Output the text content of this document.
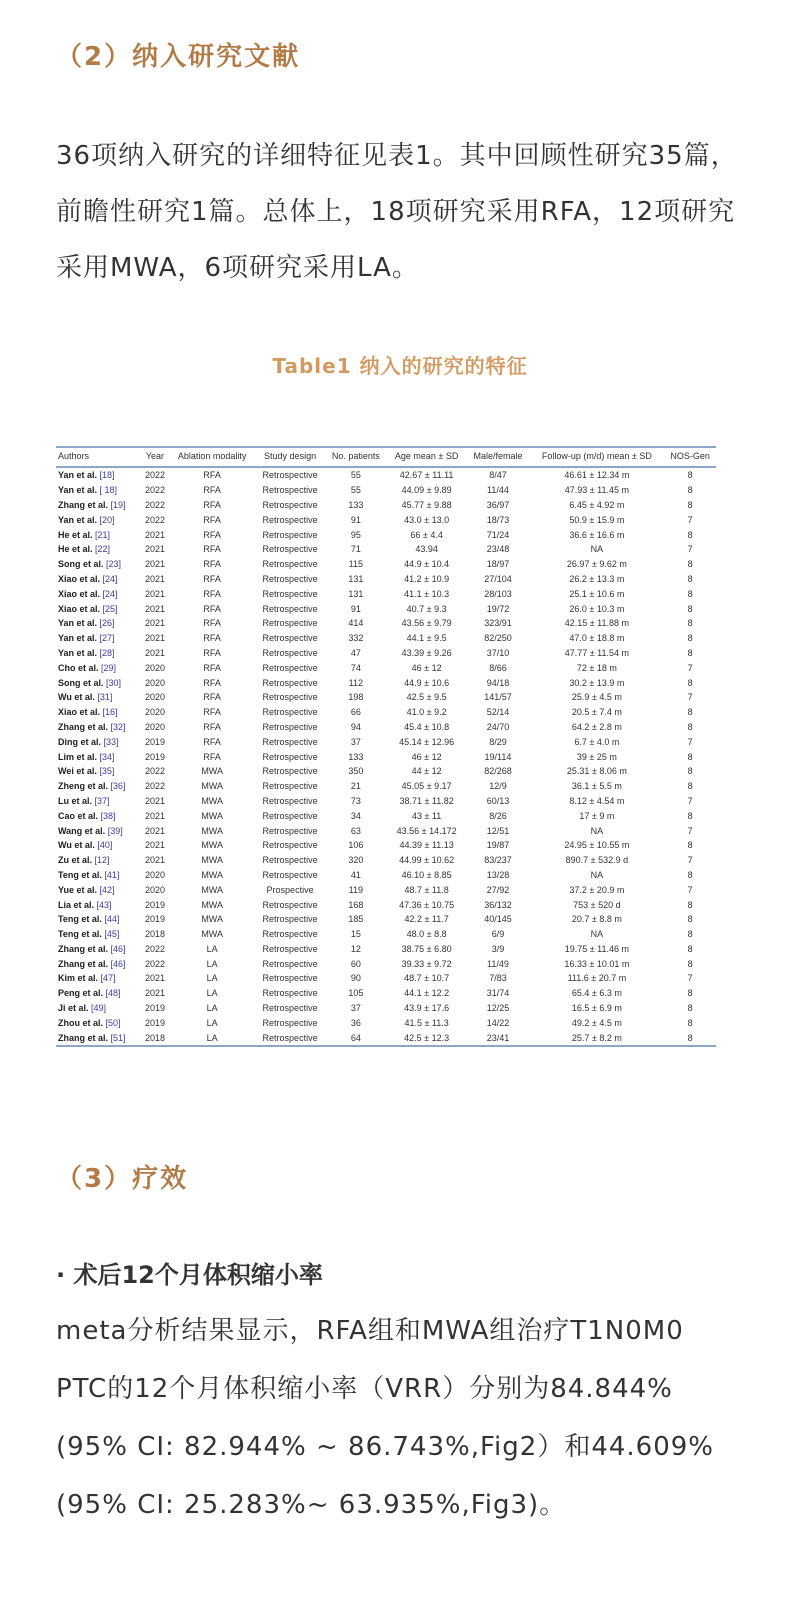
（2）纳入研究文献
36项纳入研究的详细特征见表1。其中回顾性研究35篇，前瞻性研究1篇。总体上，18项研究采用RFA，12项研究采用MWA，6项研究采用LA。
Table1 纳入的研究的特征
Authors	Year	Ablation modality	Study design	No. patients	Age mean ± SD	Male/female	Follow-up (m/d) mean ± SD	NOS-Gen
Yan et al. [18]	2022	RFA	Retrospective	55	42.67 ± 11.11	8/47	46.61 ± 12.34 m	8
Yan et al. [ 18]	2022	RFA	Retrospective	55	44.09 ± 9.89	11/44	47.93 ± 11.45 m	8
Zhang et al. [19]	2022	RFA	Retrospective	133	45.77 ± 9.88	36/97	6.45 ± 4.92 m	8
Yan et al. [20]	2022	RFA	Retrospective	91	43.0 ± 13.0	18/73	50.9 ± 15.9 m	7
He et al. [21]	2021	RFA	Retrospective	95	66 ± 4.4	71/24	36.6 ± 16.6 m	8
He et al. [22]	2021	RFA	Retrospective	71	43.94	23/48	NA	7
Song et al. [23]	2021	RFA	Retrospective	115	44.9 ± 10.4	18/97	26.97 ± 9.62 m	8
Xiao et al. [24]	2021	RFA	Retrospective	131	41.2 ± 10.9	27/104	26.2 ± 13.3 m	8
Xiao et al. [24]	2021	RFA	Retrospective	131	41.1 ± 10.3	28/103	25.1 ± 10.6 m	8
Xiao et al. [25]	2021	RFA	Retrospective	91	40.7 ± 9.3	19/72	26.0 ± 10.3 m	8
Yan et al. [26]	2021	RFA	Retrospective	414	43.56 ± 9.79	323/91	42.15 ± 11.88 m	8
Yan et al. [27]	2021	RFA	Retrospective	332	44.1 ± 9.5	82/250	47.0 ± 18.8 m	8
Yan et al. [28]	2021	RFA	Retrospective	47	43.39 ± 9.26	37/10	47.77 ± 11.54 m	8
Cho et al. [29]	2020	RFA	Retrospective	74	46 ± 12	8/66	72 ± 18 m	7
Song et al. [30]	2020	RFA	Retrospective	112	44.9 ± 10.6	94/18	30.2 ± 13.9 m	8
Wu et al. [31]	2020	RFA	Retrospective	198	42.5 ± 9.5	141/57	25.9 ± 4.5 m	7
Xiao et al. [16]	2020	RFA	Retrospective	66	41.0 ± 9.2	52/14	20.5 ± 7.4 m	8
Zhang et al. [32]	2020	RFA	Retrospective	94	45.4 ± 10.8	24/70	64.2 ± 2.8 m	8
Ding et al. [33]	2019	RFA	Retrospective	37	45.14 ± 12.96	8/29	6.7 ± 4.0 m	7
Lim et al. [34]	2019	RFA	Retrospective	133	46 ± 12	19/114	39 ± 25 m	8
Wei et al. [35]	2022	MWA	Retrospective	350	44 ± 12	82/268	25.31 ± 8.06 m	8
Zheng et al. [36]	2022	MWA	Retrospective	21	45.05 ± 9.17	12/9	36.1 ± 5.5 m	8
Lu et al. [37]	2021	MWA	Retrospective	73	38.71 ± 11.82	60/13	8.12 ± 4.54 m	7
Cao et al. [38]	2021	MWA	Retrospective	34	43 ± 11	8/26	17 ± 9 m	8
Wang et al. [39]	2021	MWA	Retrospective	63	43.56 ± 14.172	12/51	NA	7
Wu et al. [40]	2021	MWA	Retrospective	106	44.39 ± 11.13	19/87	24.95 ± 10.55 m	8
Zu et al. [12]	2021	MWA	Retrospective	320	44.99 ± 10.62	83/237	890.7 ± 532.9 d	7
Teng et al. [41]	2020	MWA	Retrospective	41	46.10 ± 8.85	13/28	NA	8
Yue et al. [42]	2020	MWA	Prospective	119	48.7 ± 11.8	27/92	37.2 ± 20.9 m	7
Lia et al. [43]	2019	MWA	Retrospective	168	47.36 ± 10.75	36/132	753 ± 520 d	8
Teng et al. [44]	2019	MWA	Retrospective	185	42.2 ± 11.7	40/145	20.7 ± 8.8 m	8
Teng et al. [45]	2018	MWA	Retrospective	15	48.0 ± 8.8	6/9	NA	8
Zhang et al. [46]	2022	LA	Retrospective	12	38.75 ± 6.80	3/9	19.75 ± 11.46 m	8
Zhang et al. [46]	2022	LA	Retrospective	60	39.33 ± 9.72	11/49	16.33 ± 10.01 m	8
Kim et al. [47]	2021	LA	Retrospective	90	48.7 ± 10.7	7/83	111.6 ± 20.7 m	7
Peng et al. [48]	2021	LA	Retrospective	105	44.1 ± 12.2	31/74	65.4 ± 6.3 m	8
Ji et al. [49]	2019	LA	Retrospective	37	43.9 ± 17.6	12/25	16.5 ± 6.9 m	8
Zhou et al. [50]	2019	LA	Retrospective	36	41.5 ± 11.3	14/22	49.2 ± 4.5 m	8
Zhang et al. [51]	2018	LA	Retrospective	64	42.5 ± 12.3	23/41	25.7 ± 8.2 m	8
（3）疗效
· 术后12个月体积缩小率
meta分析结果显示，RFA组和MWA组治疗T1N0M0　PTC的12个月体积缩小率（VRR）分别为84.844% (95% CI: 82.944% ~ 86.743%,Fig2）和44.609%(95% CI: 25.283%~ 63.935%,Fig3)。
